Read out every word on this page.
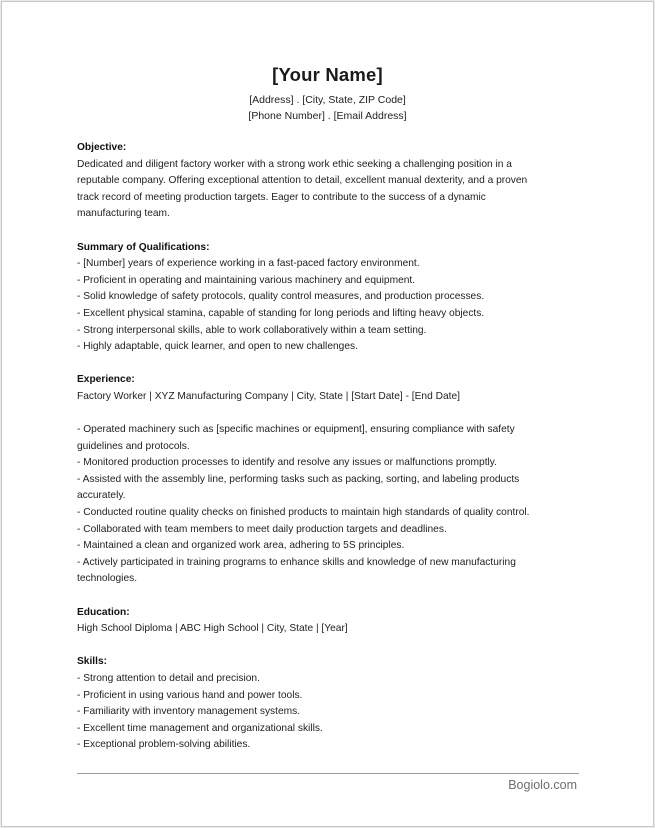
[Your Name]
[Address] . [City, State, ZIP Code]
[Phone Number] . [Email Address]
Objective:
Dedicated and diligent factory worker with a strong work ethic seeking a challenging position in a
reputable company. Offering exceptional attention to detail, excellent manual dexterity, and a proven
track record of meeting production targets. Eager to contribute to the success of a dynamic
manufacturing team.
Summary of Qualifications:
- [Number] years of experience working in a fast-paced factory environment.
- Proficient in operating and maintaining various machinery and equipment.
- Solid knowledge of safety protocols, quality control measures, and production processes.
- Excellent physical stamina, capable of standing for long periods and lifting heavy objects.
- Strong interpersonal skills, able to work collaboratively within a team setting.
- Highly adaptable, quick learner, and open to new challenges.
Experience:
Factory Worker | XYZ Manufacturing Company | City, State | [Start Date] - [End Date]
- Operated machinery such as [specific machines or equipment], ensuring compliance with safety
guidelines and protocols.
- Monitored production processes to identify and resolve any issues or malfunctions promptly.
- Assisted with the assembly line, performing tasks such as packing, sorting, and labeling products
accurately.
- Conducted routine quality checks on finished products to maintain high standards of quality control.
- Collaborated with team members to meet daily production targets and deadlines.
- Maintained a clean and organized work area, adhering to 5S principles.
- Actively participated in training programs to enhance skills and knowledge of new manufacturing
technologies.
Education:
High School Diploma | ABC High School | City, State | [Year]
Skills:
- Strong attention to detail and precision.
- Proficient in using various hand and power tools.
- Familiarity with inventory management systems.
- Excellent time management and organizational skills.
- Exceptional problem-solving abilities.
Bogiolo.com
